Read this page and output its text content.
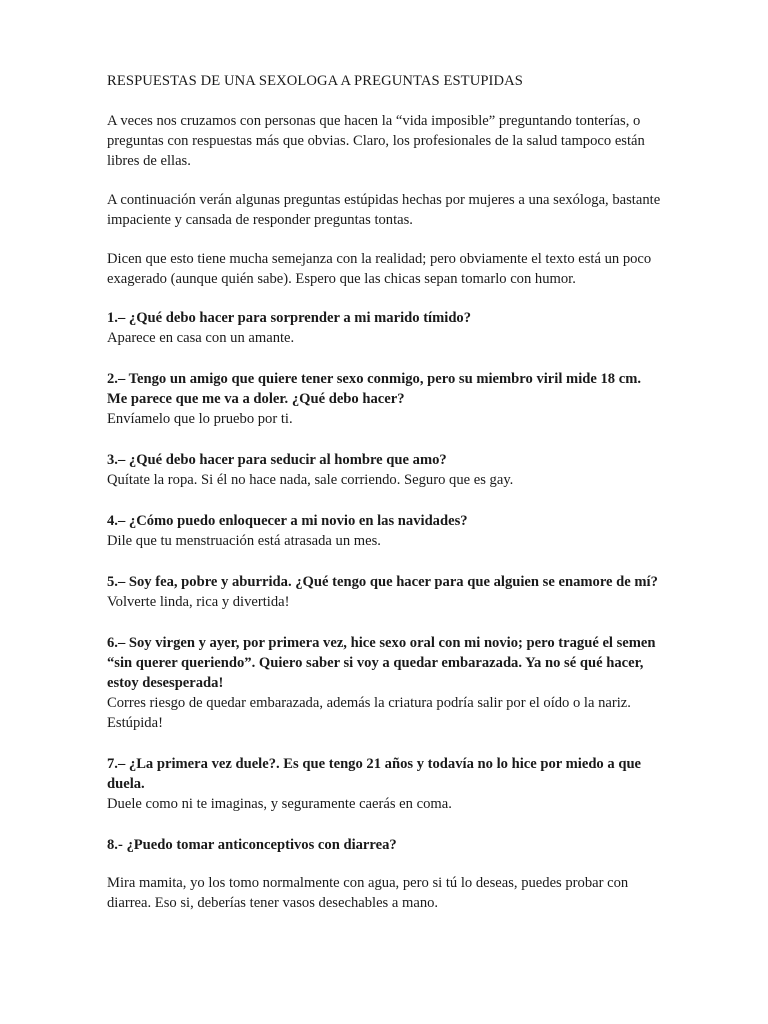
RESPUESTAS DE UNA SEXOLOGA A PREGUNTAS ESTUPIDAS

A veces nos cruzamos con personas que hacen la “vida imposible” preguntando tonterías, o preguntas con respuestas más que obvias. Claro, los profesionales de la salud tampoco están libres de ellas.

A continuación verán algunas preguntas estúpidas hechas por mujeres a una sexóloga, bastante impaciente y cansada de responder preguntas tontas.

Dicen que esto tiene mucha semejanza con la realidad; pero obviamente el texto está un poco exagerado (aunque quién sabe). Espero que las chicas sepan tomarlo con humor.

1.– ¿Qué debo hacer para sorprender a mi marido tímido?

Aparece en casa con un amante.

2.– Tengo un amigo que quiere tener sexo conmigo, pero su miembro viril mide 18 cm. Me parece que me va a doler. ¿Qué debo hacer?

Envíamelo que lo pruebo por ti.

3.– ¿Qué debo hacer para seducir al hombre que amo?

Quítate la ropa. Si él no hace nada, sale corriendo. Seguro que es gay.

4.– ¿Cómo puedo enloquecer a mi novio en las navidades?

Dile que tu menstruación está atrasada un mes.

5.– Soy fea, pobre y aburrida. ¿Qué tengo que hacer para que alguien se enamore de mí?

Volverte linda, rica y divertida!

6.– Soy virgen y ayer, por primera vez, hice sexo oral con mi novio; pero tragué el semen “sin querer queriendo”. Quiero saber si voy a quedar embarazada. Ya no sé qué hacer, estoy desesperada!

Corres riesgo de quedar embarazada, además la criatura podría salir por el oído o la nariz. Estúpida!

7.– ¿La primera vez duele?. Es que tengo 21 años y todavía no lo hice por miedo a que duela.

Duele como ni te imaginas, y seguramente caerás en coma.

8.- ¿Puedo tomar anticonceptivos con diarrea?

Mira mamita, yo los tomo normalmente con agua, pero si tú lo deseas, puedes probar con diarrea. Eso si, deberías tener vasos desechables a mano.
